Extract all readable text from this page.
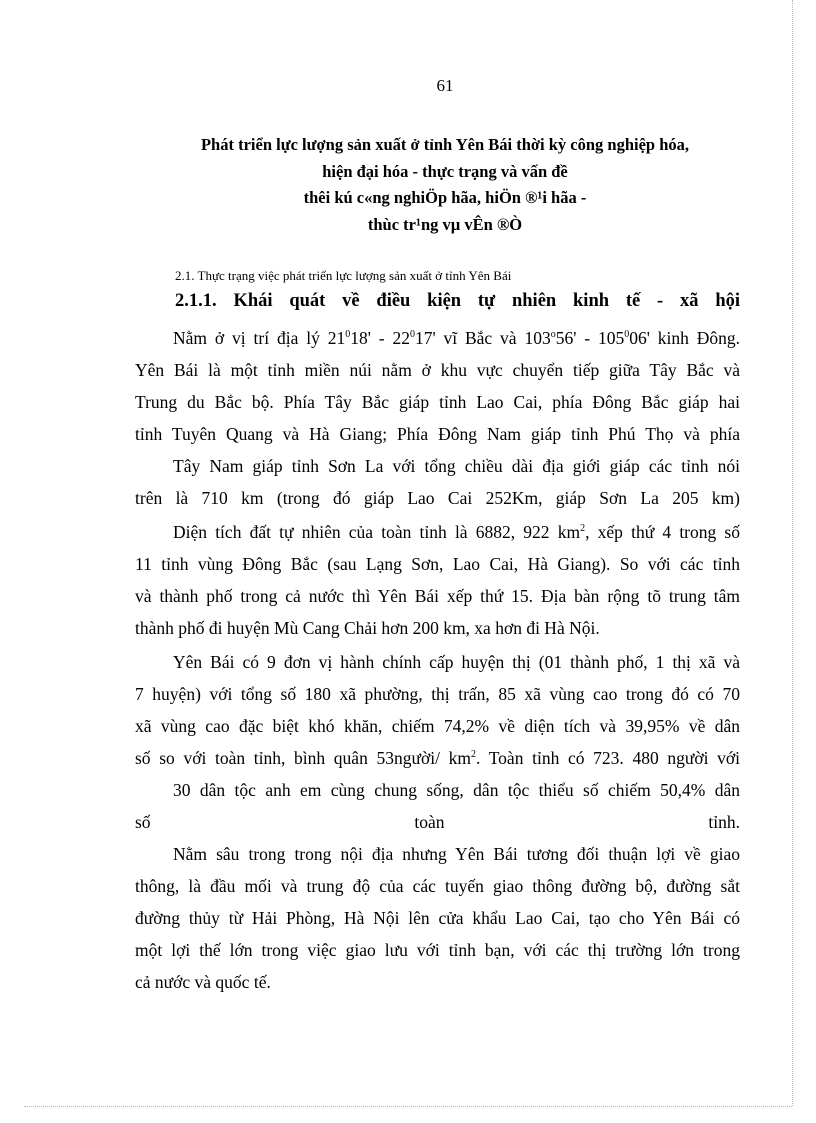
61
Phát triển lực lượng sản xuất ở tỉnh Yên Bái thời kỳ công nghiệp hóa,
hiện đại hóa - thực trạng và vấn đề
thêi kú c«ng nghiÖp hãa, hiÖn ®¹i hãa -
thùc tr¹ng vµ vÊn ®Ò
2.1. Thực trạng việc phát triển lực lượng sản xuất ở tỉnh Yên Bái
2.1.1. Khái quát về điều kiện tự nhiên kinh tế - xã hội
Nằm ở vị trí địa lý $21^018' - 22^017'$ vĩ Bắc và $103^o56' - 105^006'$ kinh Đông.
Yên Bái là một tỉnh miền núi nằm ở khu vực chuyển tiếp giữa Tây Bắc và
Trung du Bắc bộ. Phía Tây Bắc giáp tỉnh Lao Cai, phía Đông Bắc giáp hai
tỉnh Tuyên Quang và Hà Giang; Phía Đông Nam giáp tỉnh Phú Thọ và phía
Tây Nam giáp tỉnh Sơn La với tổng chiều dài địa giới giáp các tỉnh nói
trên là 710 km (trong đó giáp Lao Cai 252Km, giáp Sơn La 205 km)
Diện tích đất tự nhiên của toàn tỉnh là 6882, 922 $km^2$, xếp thứ 4 trong số
11 tỉnh vùng Đông Bắc (sau Lạng Sơn, Lao Cai, Hà Giang). So với các tỉnh
và thành phố trong cả nước thì Yên Bái xếp thứ 15. Địa bàn rộng tõ trung tâm
thành phố đi huyện Mù Cang Chải hơn 200 km, xa hơn đi Hà Nội.
Yên Bái có 9 đơn vị hành chính cấp huyện thị (01 thành phố, 1 thị xã và
7 huyện) với tổng số 180 xã phường, thị trấn, 85 xã vùng cao trong đó có 70
xã vùng cao đặc biệt khó khăn, chiếm 74,2% về diện tích và 39,95% về dân
số so với toàn tỉnh, bình quân 53người/ $km^2$. Toàn tỉnh có 723. 480 người với
30 dân tộc anh em cùng chung sống, dân tộc thiểu số chiếm 50,4% dân
số toàn tỉnh.
Nằm sâu trong trong nội địa nhưng Yên Bái tương đối thuận lợi về giao
thông, là đầu mối và trung độ của các tuyến giao thông đường bộ, đường sắt
đường thủy từ Hải Phòng, Hà Nội lên cửa khẩu Lao Cai, tạo cho Yên Bái có
một lợi thế lớn trong việc giao lưu với tỉnh bạn, với các thị trường lớn trong
cả nước và quốc tế.
